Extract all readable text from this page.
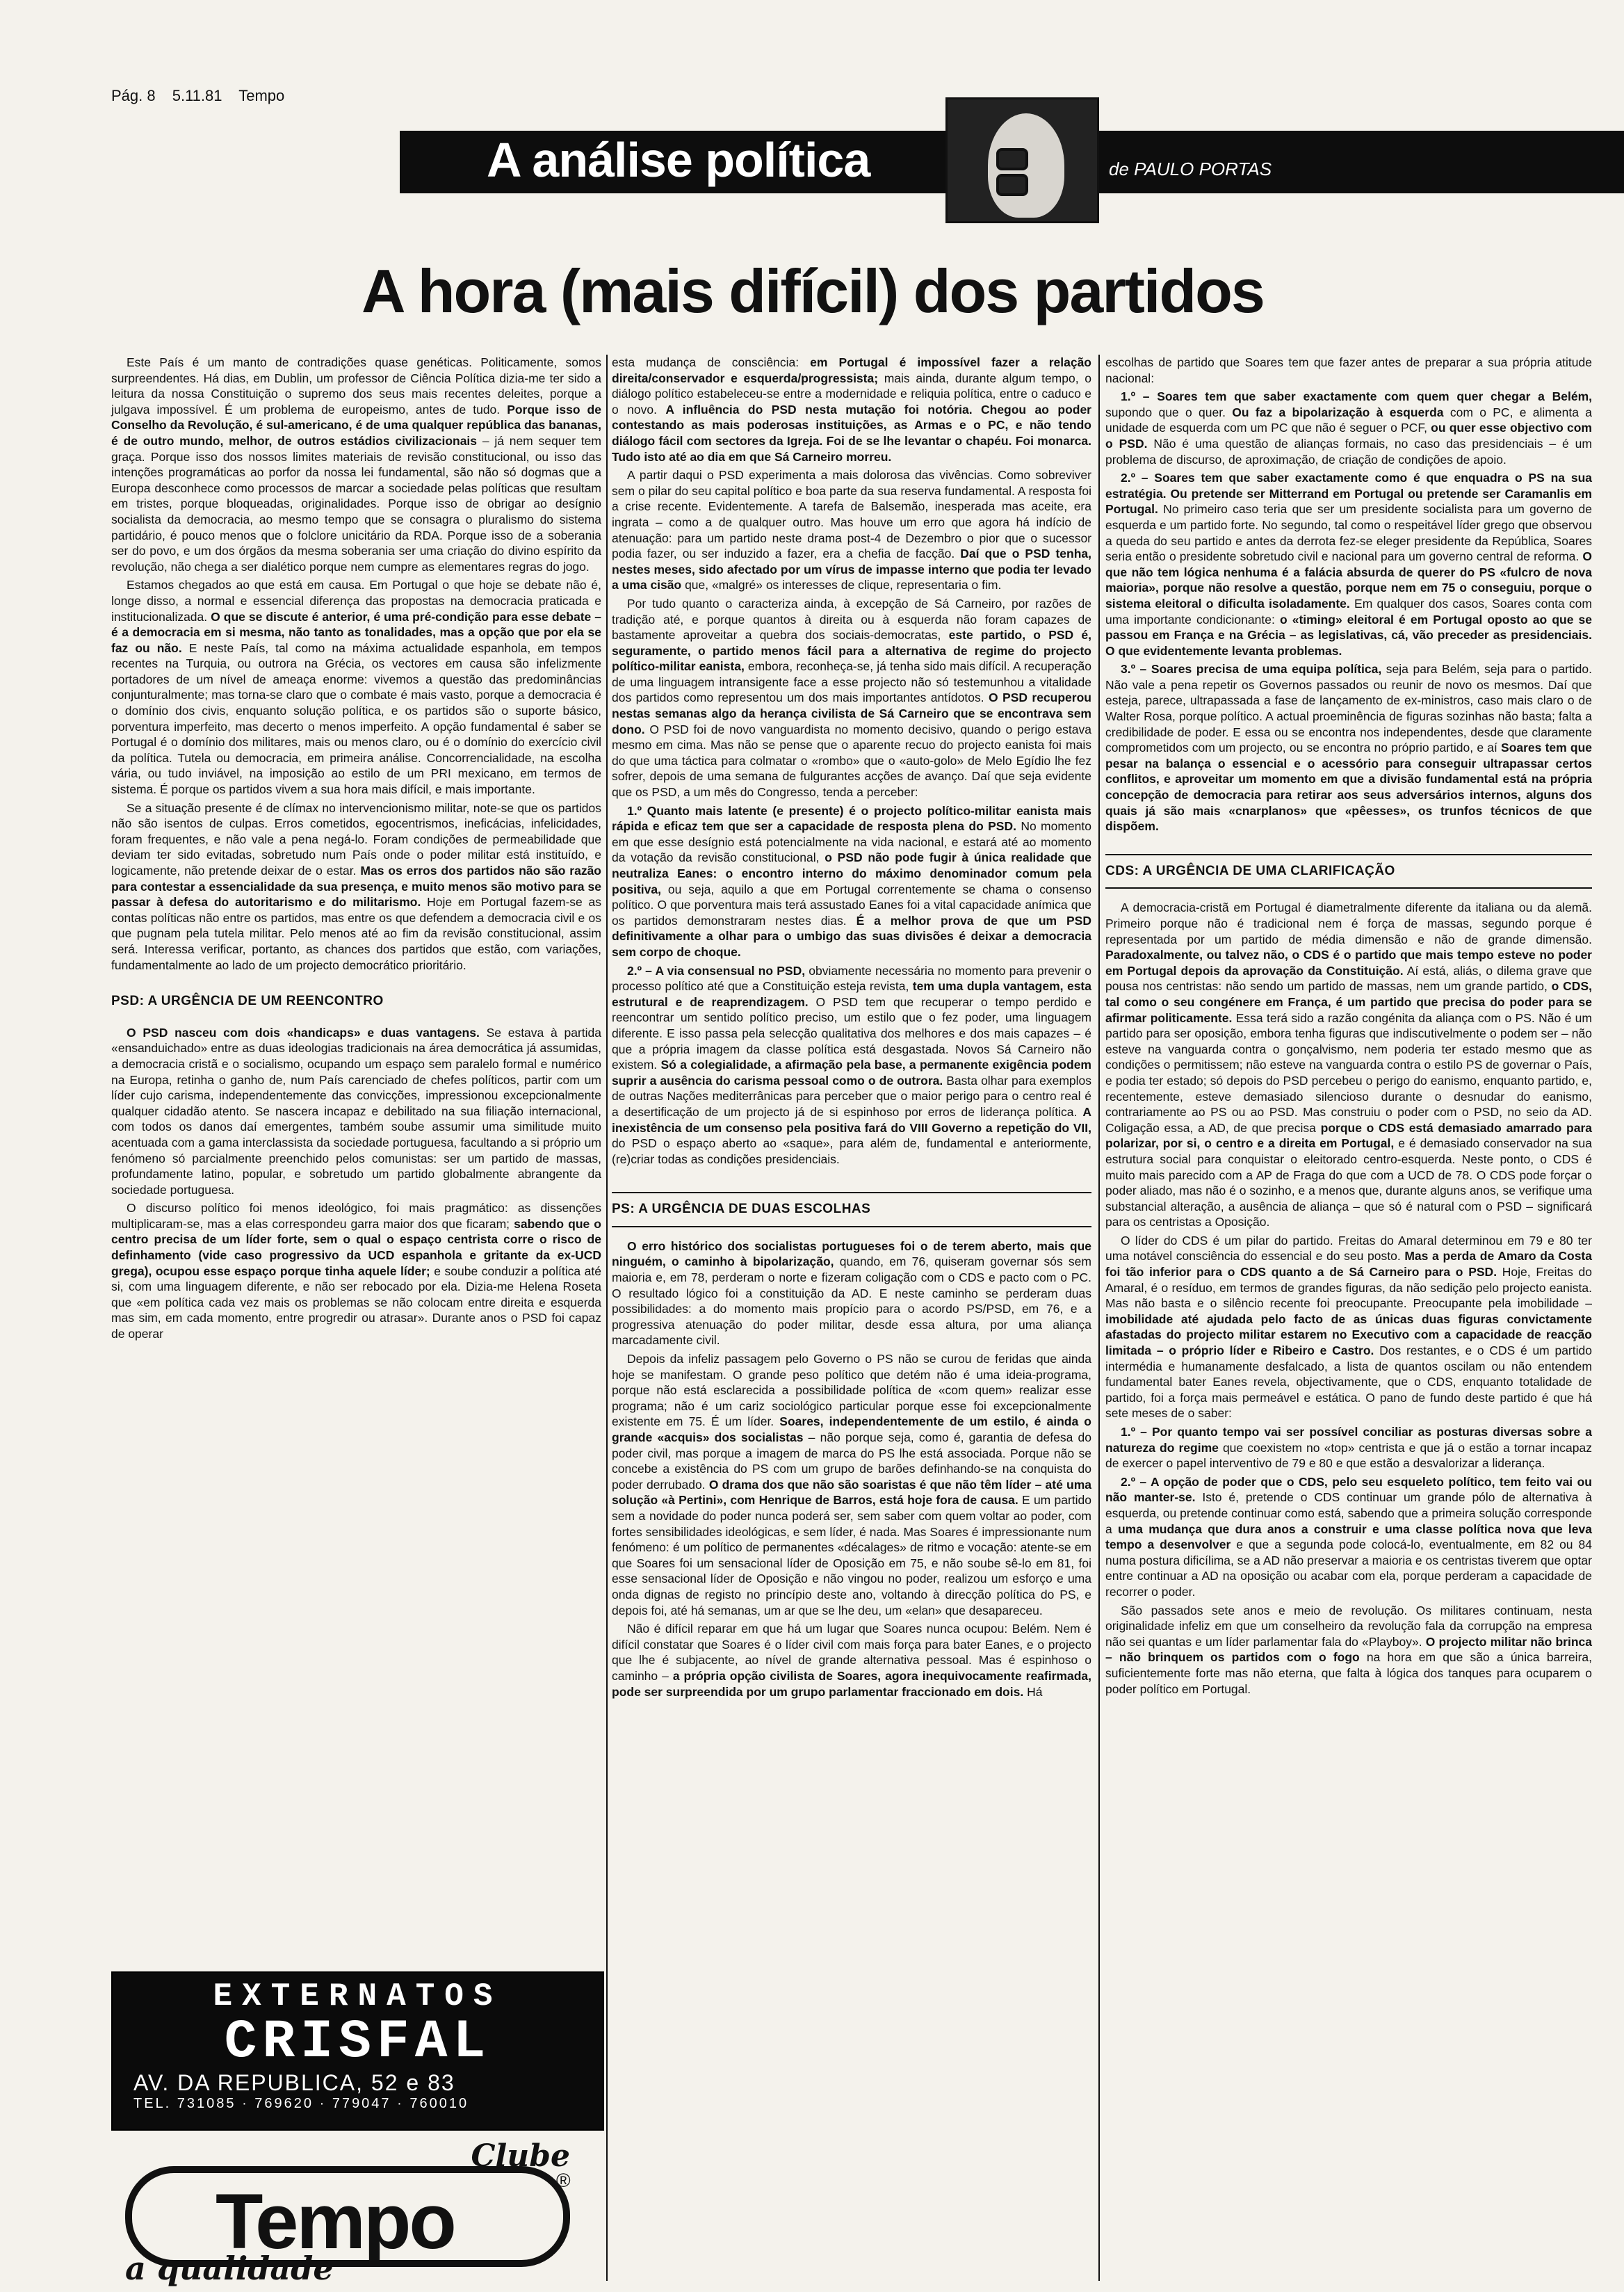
Pág. 8 5.11.81 Tempo
A análise política	de PAULO PORTAS
A hora (mais difícil) dos partidos

Este País é um manto de contradições quase genéticas. Politicamente, somos surpreendentes. Há dias, em Dublin, um professor de Ciência Política dizia-me ter sido a leitura da nossa Constituição o supremo dos seus mais recentes deleites, porque a julgava impossível. É um problema de europeismo, antes de tudo. Porque isso de Conselho da Revolução, é sul-americano, é de uma qualquer república das bananas, é de outro mundo, melhor, de outros estádios civilizacionais – já nem sequer tem graça. Porque isso dos nossos limites materiais de revisão constitucional, ou isso das intenções programáticas ao porfor da nossa lei fundamental, são não só dogmas que a Europa desconhece como processos de marcar a sociedade pelas políticas que resultam em tristes, porque bloqueadas, originalidades. Porque isso de obrigar ao desígnio socialista da democracia, ao mesmo tempo que se consagra o pluralismo do sistema partidário, é pouco menos que o folclore unicitário da RDA. Porque isso de a soberania ser do povo, e um dos órgãos da mesma soberania ser uma criação do divino espírito da revolução, não chega a ser dialético porque nem cumpre as elementares regras do jogo.

Estamos chegados ao que está em causa. Em Portugal o que hoje se debate não é, longe disso, a normal e essencial diferença das propostas na democracia praticada e institucionalizada. O que se discute é anterior, é uma pré-condição para esse debate – é a democracia em si mesma, não tanto as tonalidades, mas a opção que por ela se faz ou não. E neste País, tal como na máxima actualidade espanhola, em tempos recentes na Turquia, ou outrora na Grécia, os vectores em causa são infelizmente portadores de um nível de ameaça enorme: vivemos a questão das predominâncias conjunturalmente; mas torna-se claro que o combate é mais vasto, porque a democracia é o domínio dos civis, enquanto solução política, e os partidos são o suporte básico, porventura imperfeito, mas decerto o menos imperfeito. A opção fundamental é saber se Portugal é o domínio dos militares, mais ou menos claro, ou é o domínio do exercício civil da política. Tutela ou democracia, em primeira análise. Concorrencialidade, na escolha vária, ou tudo inviável, na imposição ao estilo de um PRI mexicano, em termos de sistema. É porque os partidos vivem a sua hora mais difícil, e mais importante.

Se a situação presente é de clímax no intervencionismo militar, note-se que os partidos não são isentos de culpas. Erros cometidos, egocentrismos, ineficácias, infelicidades, foram frequentes, e não vale a pena negá-lo. Foram condições de permeabilidade que deviam ter sido evitadas, sobretudo num País onde o poder militar está instituído, e logicamente, não pretende deixar de o estar. Mas os erros dos partidos não são razão para contestar a essencialidade da sua presença, e muito menos são motivo para se passar à defesa do autoritarismo e do militarismo. Hoje em Portugal fazem-se as contas políticas não entre os partidos, mas entre os que defendem a democracia civil e os que pugnam pela tutela militar. Pelo menos até ao fim da revisão constitucional, assim será. Interessa verificar, portanto, as chances dos partidos que estão, com variações, fundamentalmente ao lado de um projecto democrático prioritário.

PSD: A URGÊNCIA DE UM REENCONTRO

O PSD nasceu com dois «handicaps» e duas vantagens. Se estava à partida «ensanduichado» entre as duas ideologias tradicionais na área democrática já assumidas, a democracia cristã e o socialismo, ocupando um espaço sem paralelo formal e numérico na Europa, retinha o ganho de, num País carenciado de chefes políticos, partir com um líder cujo carisma, independentemente das convicções, impressionou excepcionalmente qualquer cidadão atento. Se nascera incapaz e debilitado na sua filiação internacional, com todos os danos daí emergentes, também soube assumir uma similitude muito acentuada com a gama interclassista da sociedade portuguesa, facultando a si próprio um fenómeno só parcialmente preenchido pelos comunistas: ser um partido de massas, profundamente latino, popular, e sobretudo um partido globalmente abrangente da sociedade portuguesa.

O discurso político foi menos ideológico, foi mais pragmático: as dissenções multiplicaram-se, mas a elas correspondeu garra maior dos que ficaram; sabendo que o centro precisa de um líder forte, sem o qual o espaço centrista corre o risco de definhamento (vide caso progressivo da UCD espanhola e gritante da ex-UCD grega), ocupou esse espaço porque tinha aquele líder; e soube conduzir a política até si, com uma linguagem diferente, e não ser rebocado por ela. Dizia-me Helena Roseta que «em política cada vez mais os problemas se não colocam entre direita e esquerda mas sim, em cada momento, entre progredir ou atrasar». Durante anos o PSD foi capaz de operar

EXTERNATOS
CRISFAL
AV. DA REPUBLICA, 52 e 83
TEL. 731085 · 769620 · 779047 · 760010
Clube
Tempo	®
a qualidade

esta mudança de consciência: em Portugal é impossível fazer a relação direita/conservador e esquerda/progressista; mais ainda, durante algum tempo, o diálogo político estabeleceu-se entre a modernidade e reliquia política, entre o caduco e o novo. A influência do PSD nesta mutação foi notória. Chegou ao poder contestando as mais poderosas instituições, as Armas e o PC, e não tendo diálogo fácil com sectores da Igreja. Foi de se lhe levantar o chapéu. Foi monarca. Tudo isto até ao dia em que Sá Carneiro morreu.

A partir daqui o PSD experimenta a mais dolorosa das vivências. Como sobreviver sem o pilar do seu capital político e boa parte da sua reserva fundamental. A resposta foi a crise recente. Evidentemente. A tarefa de Balsemão, inesperada mas aceite, era ingrata – como a de qualquer outro. Mas houve um erro que agora há indício de atenuação: para um partido neste drama post-4 de Dezembro o pior que o sucessor podia fazer, ou ser induzido a fazer, era a chefia de facção. Daí que o PSD tenha, nestes meses, sido afectado por um vírus de impasse interno que podia ter levado a uma cisão que, «malgré» os interesses de clique, representaria o fim.

Por tudo quanto o caracteriza ainda, à excepção de Sá Carneiro, por razões de tradição até, e porque quantos à direita ou à esquerda não foram capazes de bastamente aproveitar a quebra dos sociais-democratas, este partido, o PSD é, seguramente, o partido menos fácil para a alternativa de regime do projecto político-militar eanista, embora, reconheça-se, já tenha sido mais difícil. A recuperação de uma linguagem intransigente face a esse projecto não só testemunhou a vitalidade dos partidos como representou um dos mais importantes antídotos. O PSD recuperou nestas semanas algo da herança civilista de Sá Carneiro que se encontrava sem dono. O PSD foi de novo vanguardista no momento decisivo, quando o perigo estava mesmo em cima. Mas não se pense que o aparente recuo do projecto eanista foi mais do que uma táctica para colmatar o «rombo» que o «auto-golo» de Melo Egídio lhe fez sofrer, depois de uma semana de fulgurantes acções de avanço. Daí que seja evidente que os PSD, a um mês do Congresso, tenda a perceber:

1.º Quanto mais latente (e presente) é o projecto político-militar eanista mais rápida e eficaz tem que ser a capacidade de resposta plena do PSD. No momento em que esse desígnio está potencialmente na vida nacional, e estará até ao momento da votação da revisão constitucional, o PSD não pode fugir à única realidade que neutraliza Eanes: o encontro interno do máximo denominador comum pela positiva, ou seja, aquilo a que em Portugal correntemente se chama o consenso político. O que porventura mais terá assustado Eanes foi a vital capacidade anímica que os partidos demonstraram nestes dias. É a melhor prova de que um PSD definitivamente a olhar para o umbigo das suas divisões é deixar a democracia sem corpo de choque.

2.º – A via consensual no PSD, obviamente necessária no momento para prevenir o processo político até que a Constituição esteja revista, tem uma dupla vantagem, esta estrutural e de reaprendizagem. O PSD tem que recuperar o tempo perdido e reencontrar um sentido político preciso, um estilo que o fez poder, uma linguagem diferente. E isso passa pela selecção qualitativa dos melhores e dos mais capazes – é que a própria imagem da classe política está desgastada. Novos Sá Carneiro não existem. Só a colegialidade, a afirmação pela base, a permanente exigência podem suprir a ausência do carisma pessoal como o de outrora. Basta olhar para exemplos de outras Nações mediterrânicas para perceber que o maior perigo para o centro real é a desertificação de um projecto já de si espinhoso por erros de liderança política. A inexistência de um consenso pela positiva fará do VIII Governo a repetição do VII, do PSD o espaço aberto ao «saque», para além de, fundamental e anteriormente, (re)criar todas as condições presidenciais.

PS: A URGÊNCIA DE DUAS ESCOLHAS

O erro histórico dos socialistas portugueses foi o de terem aberto, mais que ninguém, o caminho à bipolarização, quando, em 76, quiseram governar sós sem maioria e, em 78, perderam o norte e fizeram coligação com o CDS e pacto com o PC. O resultado lógico foi a constituição da AD. E neste caminho se perderam duas possibilidades: a do momento mais propício para o acordo PS/PSD, em 76, e a progressiva atenuação do poder militar, desde essa altura, por uma aliança marcadamente civil.

Depois da infeliz passagem pelo Governo o PS não se curou de feridas que ainda hoje se manifestam. O grande peso político que detém não é uma ideia-programa, porque não está esclarecida a possibilidade política de «com quem» realizar esse programa; não é um cariz sociológico particular porque esse foi excepcionalmente existente em 75. É um líder. Soares, independentemente de um estilo, é ainda o grande «acquis» dos socialistas – não porque seja, como é, garantia de defesa do poder civil, mas porque a imagem de marca do PS lhe está associada. Porque não se concebe a existência do PS com um grupo de barões definhando-se na conquista do poder derrubado. O drama dos que não são soaristas é que não têm líder – até uma solução «à Pertini», com Henrique de Barros, está hoje fora de causa. E um partido sem a novidade do poder nunca poderá ser, sem saber com quem voltar ao poder, com fortes sensibilidades ideológicas, e sem líder, é nada. Mas Soares é impressionante num fenómeno: é um político de permanentes «décalages» de ritmo e vocação: atente-se em que Soares foi um sensacional líder de Oposição em 75, e não soube sê-lo em 81, foi esse sensacional líder de Oposição e não vingou no poder, realizou um esforço e uma onda dignas de registo no princípio deste ano, voltando à direcção política do PS, e depois foi, até há semanas, um ar que se lhe deu, um «elan» que desapareceu.

Não é difícil reparar em que há um lugar que Soares nunca ocupou: Belém. Nem é difícil constatar que Soares é o líder civil com mais força para bater Eanes, e o projecto que lhe é subjacente, ao nível de grande alternativa pessoal. Mas é espinhoso o caminho – a própria opção civilista de Soares, agora inequivocamente reafirmada, pode ser surpreendida por um grupo parlamentar fraccionado em dois. Há

escolhas de partido que Soares tem que fazer antes de preparar a sua própria atitude nacional:

1.º – Soares tem que saber exactamente com quem quer chegar a Belém, supondo que o quer. Ou faz a bipolarização à esquerda com o PC, e alimenta a unidade de esquerda com um PC que não é seguer o PCF, ou quer esse objectivo com o PSD. Não é uma questão de alianças formais, no caso das presidenciais – é um problema de discurso, de aproximação, de criação de condições de apoio.

2.º – Soares tem que saber exactamente como é que enquadra o PS na sua estratégia. Ou pretende ser Mitterrand em Portugal ou pretende ser Caramanlis em Portugal. No primeiro caso teria que ser um presidente socialista para um governo de esquerda e um partido forte. No segundo, tal como o respeitável líder grego que observou a queda do seu partido e antes da derrota fez-se eleger presidente da República, Soares seria então o presidente sobretudo civil e nacional para um governo central de reforma. O que não tem lógica nenhuma é a falácia absurda de querer do PS «fulcro de nova maioria», porque não resolve a questão, porque nem em 75 o conseguiu, porque o sistema eleitoral o dificulta isoladamente. Em qualquer dos casos, Soares conta com uma importante condicionante: o «timing» eleitoral é em Portugal oposto ao que se passou em França e na Grécia – as legislativas, cá, vão preceder as presidenciais. O que evidentemente levanta problemas.

3.º – Soares precisa de uma equipa política, seja para Belém, seja para o partido. Não vale a pena repetir os Governos passados ou reunir de novo os mesmos. Daí que esteja, parece, ultrapassada a fase de lançamento de ex-ministros, caso mais claro o de Walter Rosa, porque político. A actual proeminência de figuras sozinhas não basta; falta a credibilidade de poder. E essa ou se encontra nos independentes, desde que claramente comprometidos com um projecto, ou se encontra no próprio partido, e aí Soares tem que pesar na balança o essencial e o acessório para conseguir ultrapassar certos conflitos, e aproveitar um momento em que a divisão fundamental está na própria concepção de democracia para retirar aos seus adversários internos, alguns dos quais já são mais «cnarplanos» que «pêesses», os trunfos técnicos de que dispõem.

CDS: A URGÊNCIA DE UMA CLARIFICAÇÃO

A democracia-cristã em Portugal é diametralmente diferente da italiana ou da alemã. Primeiro porque não é tradicional nem é força de massas, segundo porque é representada por um partido de média dimensão e não de grande dimensão. Paradoxalmente, ou talvez não, o CDS é o partido que mais tempo esteve no poder em Portugal depois da aprovação da Constituição. Aí está, aliás, o dilema grave que pousa nos centristas: não sendo um partido de massas, nem um grande partido, o CDS, tal como o seu congénere em França, é um partido que precisa do poder para se afirmar politicamente. Essa terá sido a razão congénita da aliança com o PS. Não é um partido para ser oposição, embora tenha figuras que indiscutivelmente o podem ser – não esteve na vanguarda contra o gonçalvismo, nem poderia ter estado mesmo que as condições o permitissem; não esteve na vanguarda contra o estilo PS de governar o País, e podia ter estado; só depois do PSD percebeu o perigo do eanismo, enquanto partido, e, recentemente, esteve demasiado silencioso durante o desnudar do eanismo, contrariamente ao PS ou ao PSD. Mas construiu o poder com o PSD, no seio da AD. Coligação essa, a AD, de que precisa porque o CDS está demasiado amarrado para polarizar, por si, o centro e a direita em Portugal, e é demasiado conservador na sua estrutura social para conquistar o eleitorado centro-esquerda. Neste ponto, o CDS é muito mais parecido com a AP de Fraga do que com a UCD de 78. O CDS pode forçar o poder aliado, mas não é o sozinho, e a menos que, durante alguns anos, se verifique uma substancial alteração, a ausência de aliança – que só é natural com o PSD – significará para os centristas a Oposição.

O líder do CDS é um pilar do partido. Freitas do Amaral determinou em 79 e 80 ter uma notável consciência do essencial e do seu posto. Mas a perda de Amaro da Costa foi tão inferior para o CDS quanto a de Sá Carneiro para o PSD. Hoje, Freitas do Amaral, é o resíduo, em termos de grandes figuras, da não sedição pelo projecto eanista. Mas não basta e o silêncio recente foi preocupante. Preocupante pela imobilidade – imobilidade até ajudada pelo facto de as únicas duas figuras convictamente afastadas do projecto militar estarem no Executivo com a capacidade de reacção limitada – o próprio líder e Ribeiro e Castro. Dos restantes, e o CDS é um partido intermédia e humanamente desfalcado, a lista de quantos oscilam ou não entendem fundamental bater Eanes revela, objectivamente, que o CDS, enquanto totalidade de partido, foi a força mais permeável e estática. O pano de fundo deste partido é que há sete meses de o saber:

1.º – Por quanto tempo vai ser possível conciliar as posturas diversas sobre a natureza do regime que coexistem no «top» centrista e que já o estão a tornar incapaz de exercer o papel interventivo de 79 e 80 e que estão a desvalorizar a liderança.

2.º – A opção de poder que o CDS, pelo seu esqueleto político, tem feito vai ou não manter-se. Isto é, pretende o CDS continuar um grande pólo de alternativa à esquerda, ou pretende continuar como está, sabendo que a primeira solução corresponde a uma mudança que dura anos a construir e uma classe política nova que leva tempo a desenvolver e que a segunda pode colocá-lo, eventualmente, em 82 ou 84 numa postura dificílima, se a AD não preservar a maioria e os centristas tiverem que optar entre continuar a AD na oposição ou acabar com ela, porque perderam a capacidade de recorrer o poder.

São passados sete anos e meio de revolução. Os militares continuam, nesta originalidade infeliz em que um conselheiro da revolução fala da corrupção na empresa não sei quantas e um líder parlamentar fala do «Playboy». O projecto militar não brinca – não brinquem os partidos com o fogo na hora em que são a única barreira, suficientemente forte mas não eterna, que falta à lógica dos tanques para ocuparem o poder político em Portugal.
